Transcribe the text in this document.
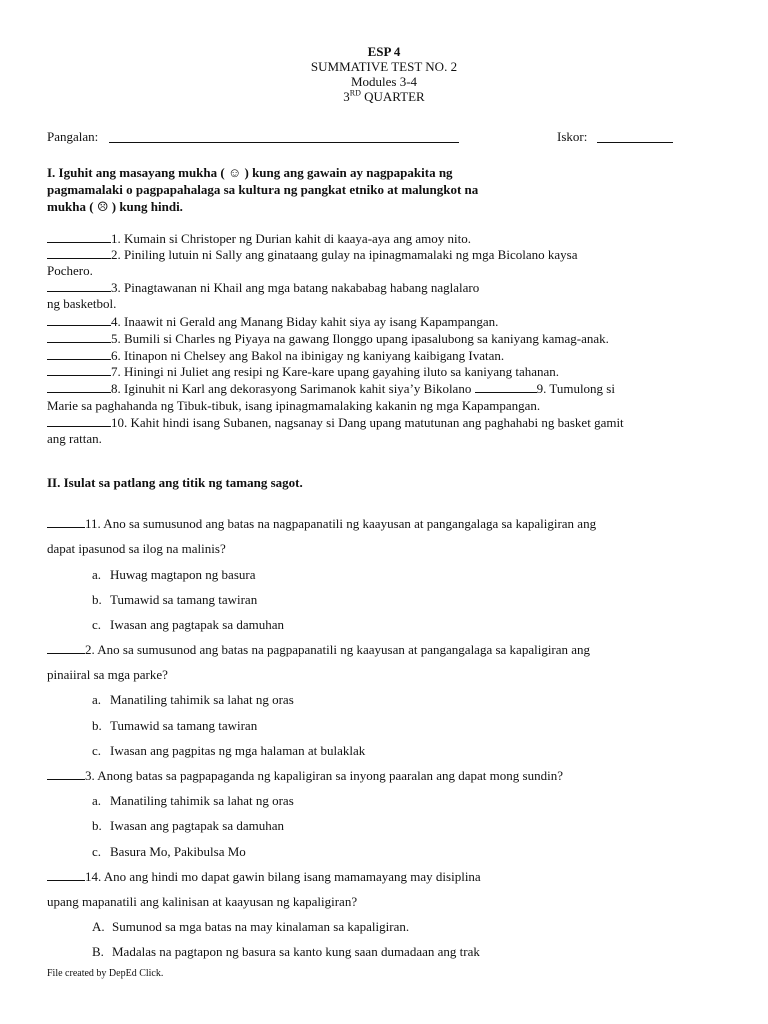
ESP 4
SUMMATIVE TEST NO. 2
Modules 3-4
3RD QUARTER
Pangalan:	Iskor:
I. Iguhit ang masayang mukha ( ☺ ) kung ang gawain ay nagpapakita ng
pagmamalaki o pagpapahalaga sa kultura ng pangkat etniko at malungkot na
mukha ( ☹ ) kung hindi.
1. Kumain si Christoper ng Durian kahit di kaaya-aya ang amoy nito.
2. Piniling lutuin ni Sally ang ginataang gulay na ipinagmamalaki ng mga Bicolano kaysa
Pochero.
3. Pinagtawanan ni Khail ang mga batang nakababag habang naglalaro
ng basketbol.
4. Inaawit ni Gerald ang Manang Biday kahit siya ay isang Kapampangan.
5. Bumili si Charles ng Piyaya na gawang Ilonggo upang ipasalubong sa kaniyang kamag-anak.
6. Itinapon ni Chelsey ang Bakol na ibinigay ng kaniyang kaibigang Ivatan.
7. Hiningi ni Juliet ang resipi ng Kare-kare upang gayahing iluto sa kaniyang tahanan.
8. Iginuhit ni Karl ang dekorasyong Sarimanok kahit siya’y Bikolano	9. Tumulong si
Marie sa paghahanda ng Tibuk-tibuk, isang ipinagmamalaking kakanin ng mga Kapampangan.
10. Kahit hindi isang Subanen, nagsanay si Dang upang matutunan ang paghahabi ng basket gamit
ang rattan.
II. Isulat sa patlang ang titik ng tamang sagot.
11. Ano sa sumusunod ang batas na nagpapanatili ng kaayusan at pangangalaga sa kapaligiran ang
dapat ipasunod sa ilog na malinis?
a. Huwag magtapon ng basura
b. Tumawid sa tamang tawiran
c. Iwasan ang pagtapak sa damuhan
2. Ano sa sumusunod ang batas na pagpapanatili ng kaayusan at pangangalaga sa kapaligiran ang
pinaiiral sa mga parke?
a. Manatiling tahimik sa lahat ng oras
b. Tumawid sa tamang tawiran
c. Iwasan ang pagpitas ng mga halaman at bulaklak
3. Anong batas sa pagpapaganda ng kapaligiran sa inyong paaralan ang dapat mong sundin?
a. Manatiling tahimik sa lahat ng oras
b. Iwasan ang pagtapak sa damuhan
c. Basura Mo, Pakibulsa Mo
14. Ano ang hindi mo dapat gawin bilang isang mamamayang may disiplina
upang mapanatili ang kalinisan at kaayusan ng kapaligiran?
A. Sumunod sa mga batas na may kinalaman sa kapaligiran.
B. Madalas na pagtapon ng basura sa kanto kung saan dumadaan ang trak
File created by DepEd Click.
